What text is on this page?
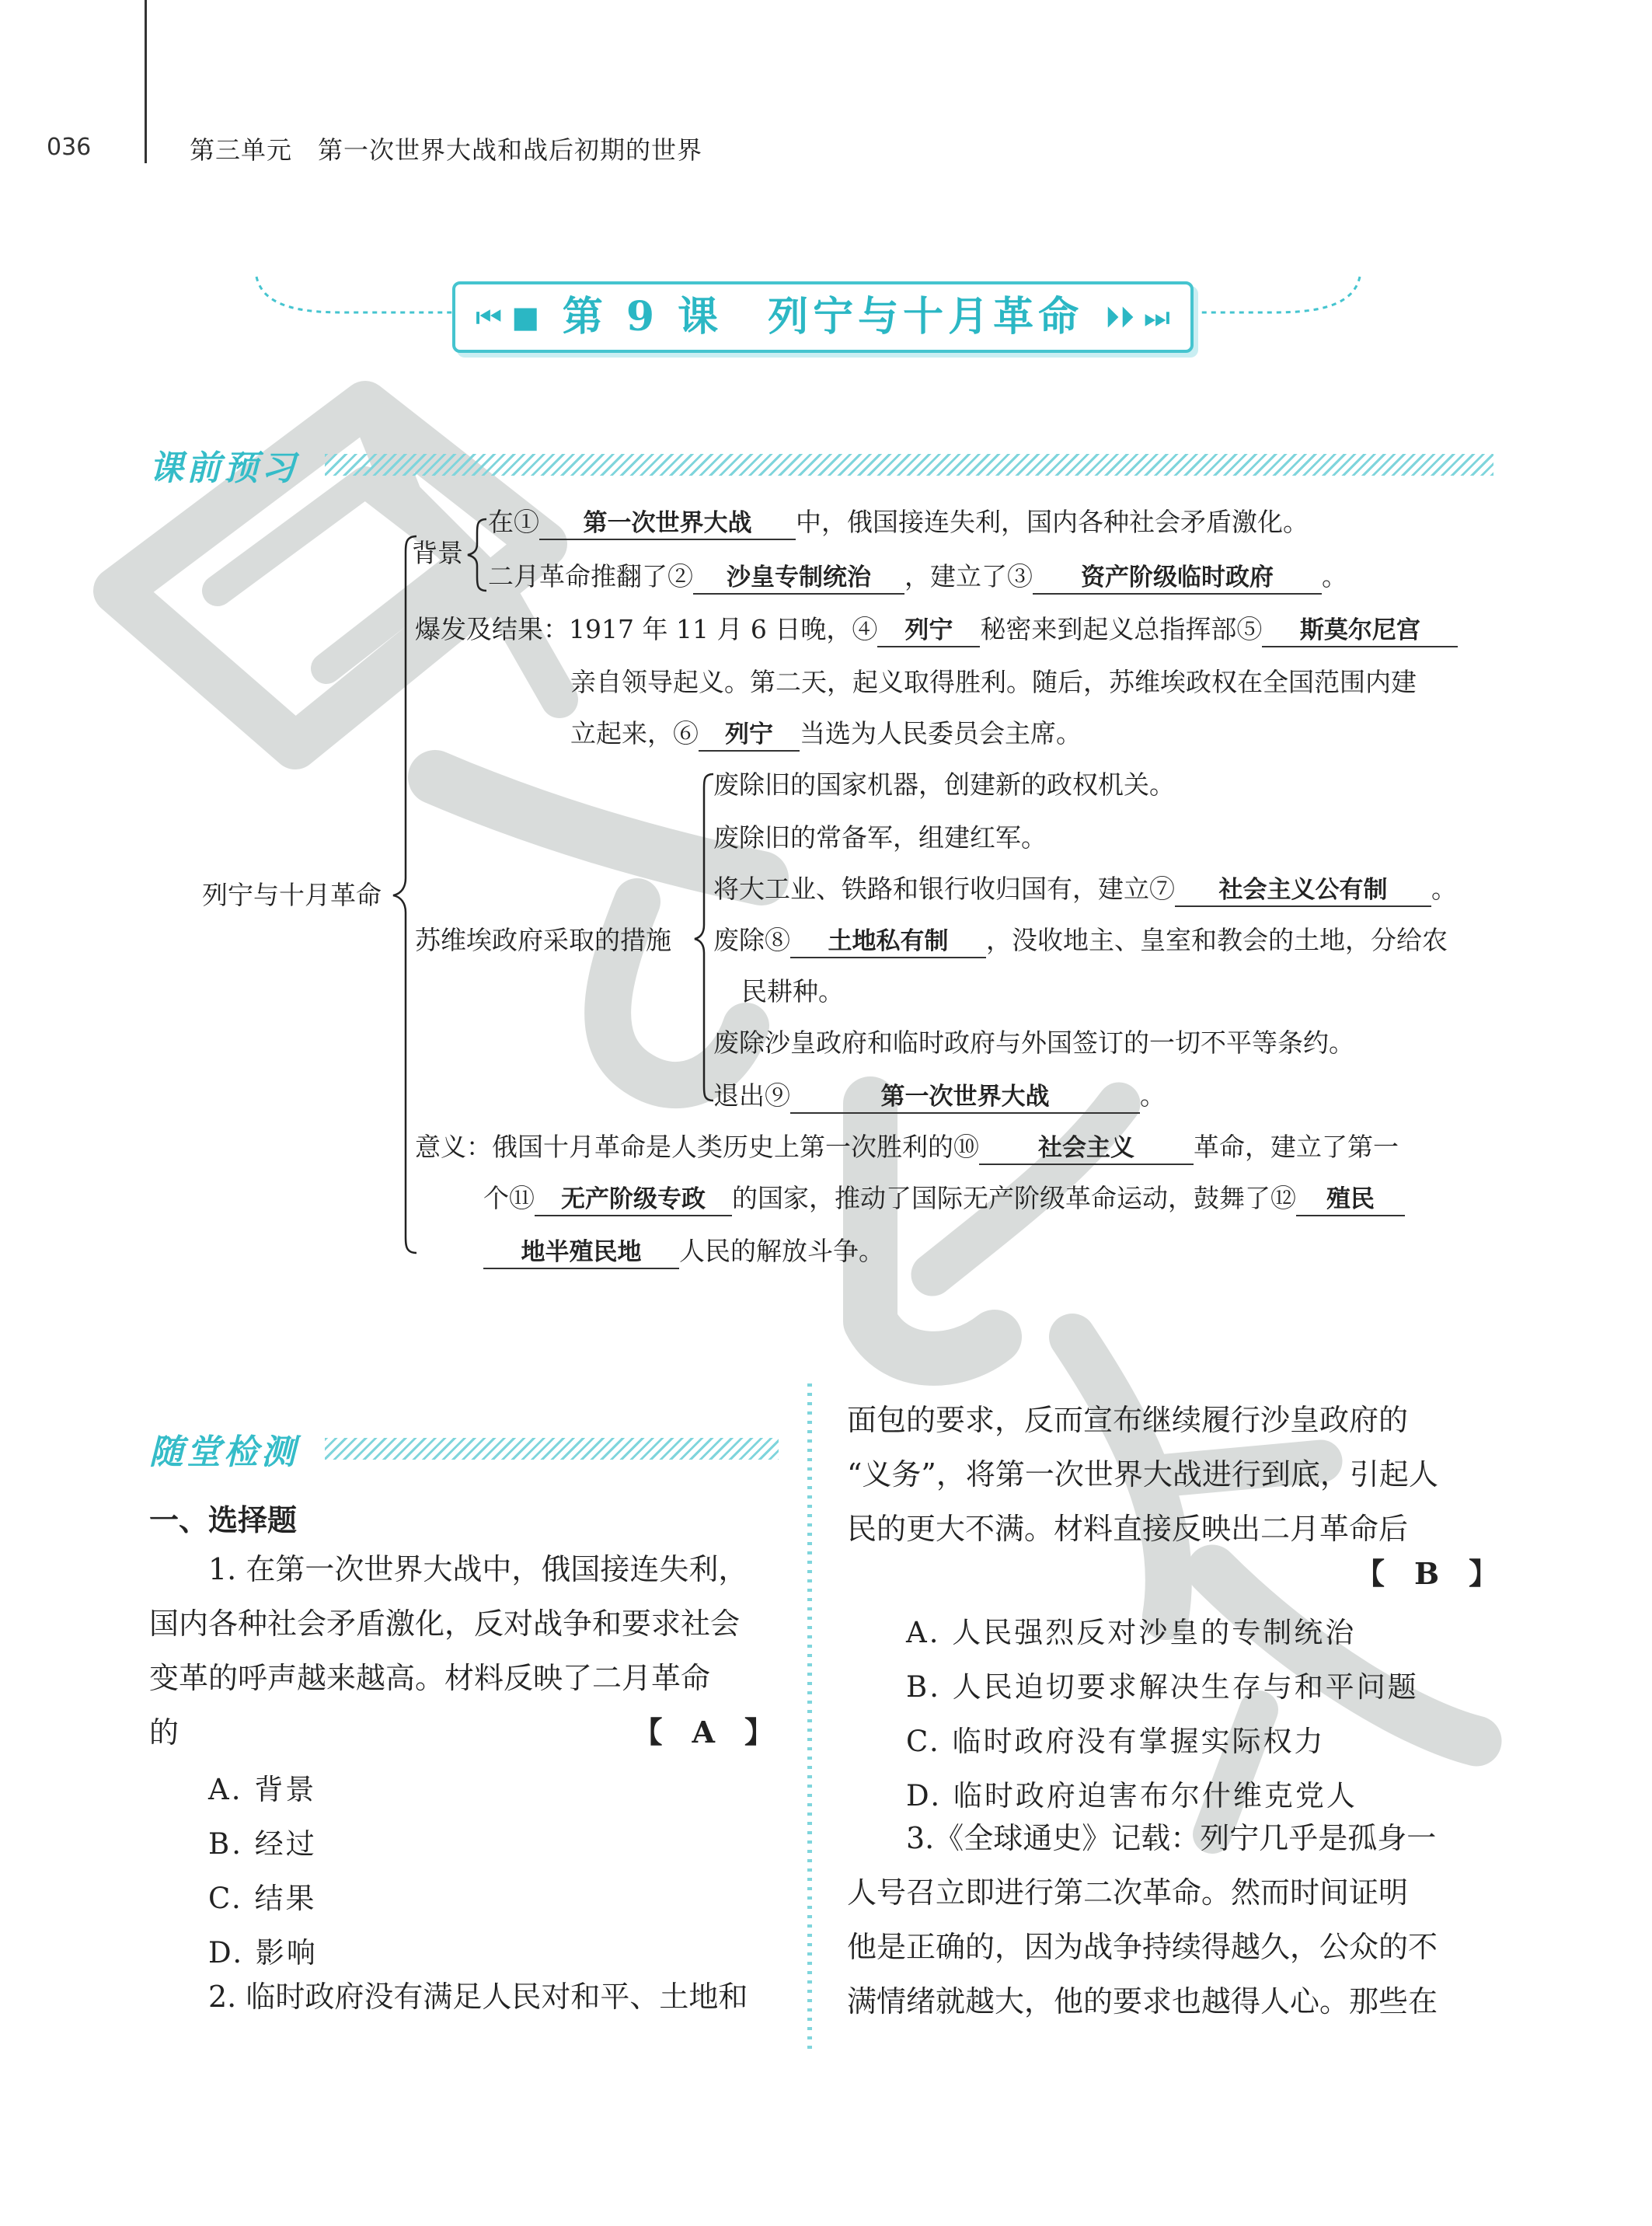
036	第三单元　第一次世界大战和战后初期的世界
⏮ ■ 第 9 课　列宁与十月革命 ⏵⏵ ⏭
课前预习
列宁与十月革命
背景
在① 第一次世界大战 中，俄国接连失利，国内各种社会矛盾激化。
二月革命推翻了② 沙皇专制统治 ，建立了③ 资产阶级临时政府 。
爆发及结果：1917 年 11 月 6 日晚，④ 列宁 秘密来到起义总指挥部⑤ 斯莫尔尼宫
亲自领导起义。第二天，起义取得胜利。随后，苏维埃政权在全国范围内建
立起来，⑥ 列宁 当选为人民委员会主席。
苏维埃政府采取的措施
废除旧的国家机器，创建新的政权机关。
废除旧的常备军，组建红军。
将大工业、铁路和银行收归国有，建立⑦ 社会主义公有制 。
废除⑧ 土地私有制 ，没收地主、皇室和教会的土地，分给农
民耕种。
废除沙皇政府和临时政府与外国签订的一切不平等条约。
退出⑨	第一次世界大战	。
意义：俄国十月革命是人类历史上第一次胜利的⑩ 社会主义 革命，建立了第一
个⑪ 无产阶级专政 的国家，推动了国际无产阶级革命运动，鼓舞了⑫ 殖民
地半殖民地 人民的解放斗争。
随堂检测
一、选择题
1. 在第一次世界大战中，俄国接连失利，
国内各种社会矛盾激化，反对战争和要求社会
变革的呼声越来越高。材料反映了二月革命
的	【　A　】
A. 背景
B. 经过
C. 结果
D. 影响
2. 临时政府没有满足人民对和平、土地和
面包的要求，反而宣布继续履行沙皇政府的
“义务”，将第一次世界大战进行到底，引起人
民的更大不满。材料直接反映出二月革命后
【　B　】
A. 人民强烈反对沙皇的专制统治
B. 人民迫切要求解决生存与和平问题
C. 临时政府没有掌握实际权力
D. 临时政府迫害布尔什维克党人
3.《全球通史》记载：列宁几乎是孤身一
人号召立即进行第二次革命。然而时间证明
他是正确的，因为战争持续得越久，公众的不
满情绪就越大，他的要求也越得人心。那些在
